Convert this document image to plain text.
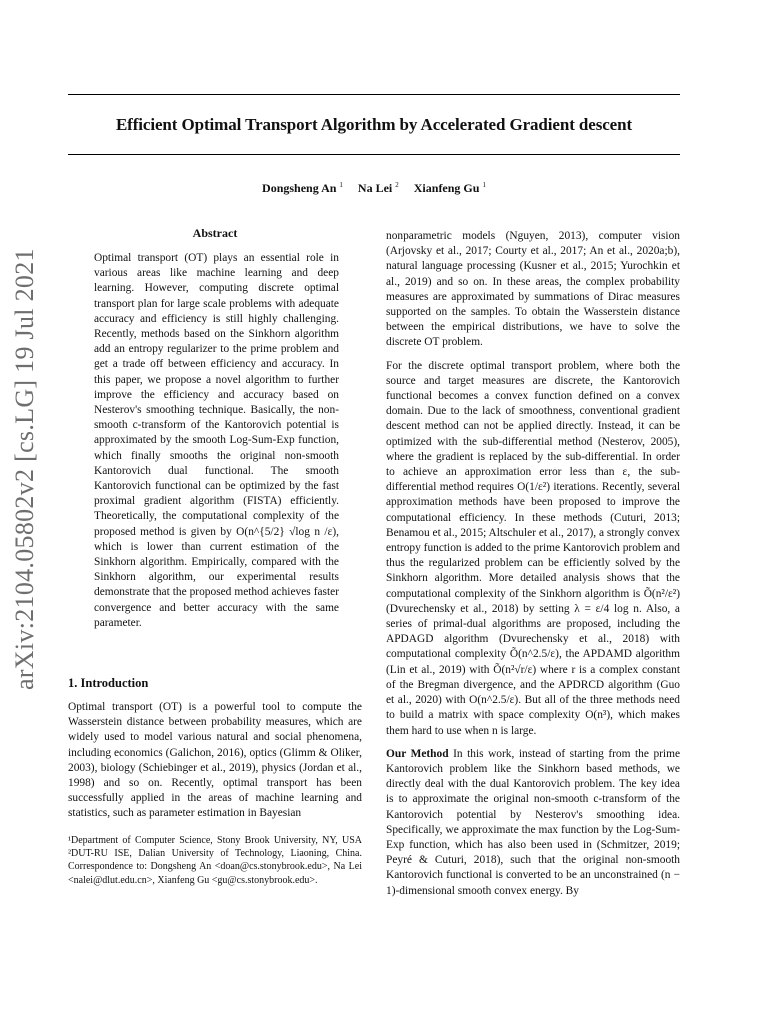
Efficient Optimal Transport Algorithm by Accelerated Gradient descent
Dongsheng An $^1$ Na Lei $^2$ Xianfeng Gu $^1$
arXiv:2104.05802v2 [cs.LG] 19 Jul 2021
Abstract

Optimal transport (OT) plays an essential role in various areas like machine learning and deep learning. However, computing discrete optimal transport plan for large scale problems with adequate accuracy and efficiency is still highly challenging. Recently, methods based on the Sinkhorn algorithm add an entropy regularizer to the prime problem and get a trade off between efficiency and accuracy. In this paper, we propose a novel algorithm to further improve the efficiency and accuracy based on Nesterov's smoothing technique. Basically, the non-smooth c-transform of the Kantorovich potential is approximated by the smooth Log-Sum-Exp function, which finally smooths the original non-smooth Kantorovich dual functional. The smooth Kantorovich functional can be optimized by the fast proximal gradient algorithm (FISTA) efficiently. Theoretically, the computational complexity of the proposed method is given by O(n^{5/2} √log n /ε), which is lower than current estimation of the Sinkhorn algorithm. Empirically, compared with the Sinkhorn algorithm, our experimental results demonstrate that the proposed method achieves faster convergence and better accuracy with the same parameter.

1. Introduction

Optimal transport (OT) is a powerful tool to compute the Wasserstein distance between probability measures, which are widely used to model various natural and social phenomena, including economics (Galichon, 2016), optics (Glimm & Oliker, 2003), biology (Schiebinger et al., 2019), physics (Jordan et al., 1998) and so on. Recently, optimal transport has been successfully applied in the areas of machine learning and statistics, such as parameter estimation in Bayesian

¹Department of Computer Science, Stony Brook University, NY, USA ²DUT-RU ISE, Dalian University of Technology, Liaoning, China. Correspondence to: Dongsheng An <doan@cs.stonybrook.edu>, Na Lei <nalei@dlut.edu.cn>, Xianfeng Gu <gu@cs.stonybrook.edu>.

nonparametric models (Nguyen, 2013), computer vision (Arjovsky et al., 2017; Courty et al., 2017; An et al., 2020a;b), natural language processing (Kusner et al., 2015; Yurochkin et al., 2019) and so on. In these areas, the complex probability measures are approximated by summations of Dirac measures supported on the samples. To obtain the Wasserstein distance between the empirical distributions, we have to solve the discrete OT problem.

For the discrete optimal transport problem, where both the source and target measures are discrete, the Kantorovich functional becomes a convex function defined on a convex domain. Due to the lack of smoothness, conventional gradient descent method can not be applied directly. Instead, it can be optimized with the sub-differential method (Nesterov, 2005), where the gradient is replaced by the sub-differential. In order to achieve an approximation error less than ε, the sub-differential method requires O(1/ε²) iterations. Recently, several approximation methods have been proposed to improve the computational efficiency. In these methods (Cuturi, 2013; Benamou et al., 2015; Altschuler et al., 2017), a strongly convex entropy function is added to the prime Kantorovich problem and thus the regularized problem can be efficiently solved by the Sinkhorn algorithm. More detailed analysis shows that the computational complexity of the Sinkhorn algorithm is Õ(n²/ε²) (Dvurechensky et al., 2018) by setting λ = ε/4 log n. Also, a series of primal-dual algorithms are proposed, including the APDAGD algorithm (Dvurechensky et al., 2018) with computational complexity Õ(n^2.5/ε), the APDAMD algorithm (Lin et al., 2019) with Õ(n²√r/ε) where r is a complex constant of the Bregman divergence, and the APDRCD algorithm (Guo et al., 2020) with O(n^2.5/ε). But all of the three methods need to build a matrix with space complexity O(n³), which makes them hard to use when n is large.

Our Method In this work, instead of starting from the prime Kantorovich problem like the Sinkhorn based methods, we directly deal with the dual Kantorovich problem. The key idea is to approximate the original non-smooth c-transform of the Kantorovich potential by Nesterov's smoothing idea. Specifically, we approximate the max function by the Log-Sum-Exp function, which has also been used in (Schmitzer, 2019; Peyré & Cuturi, 2018), such that the original non-smooth Kantorovich functional is converted to be an unconstrained (n − 1)-dimensional smooth convex energy. By
